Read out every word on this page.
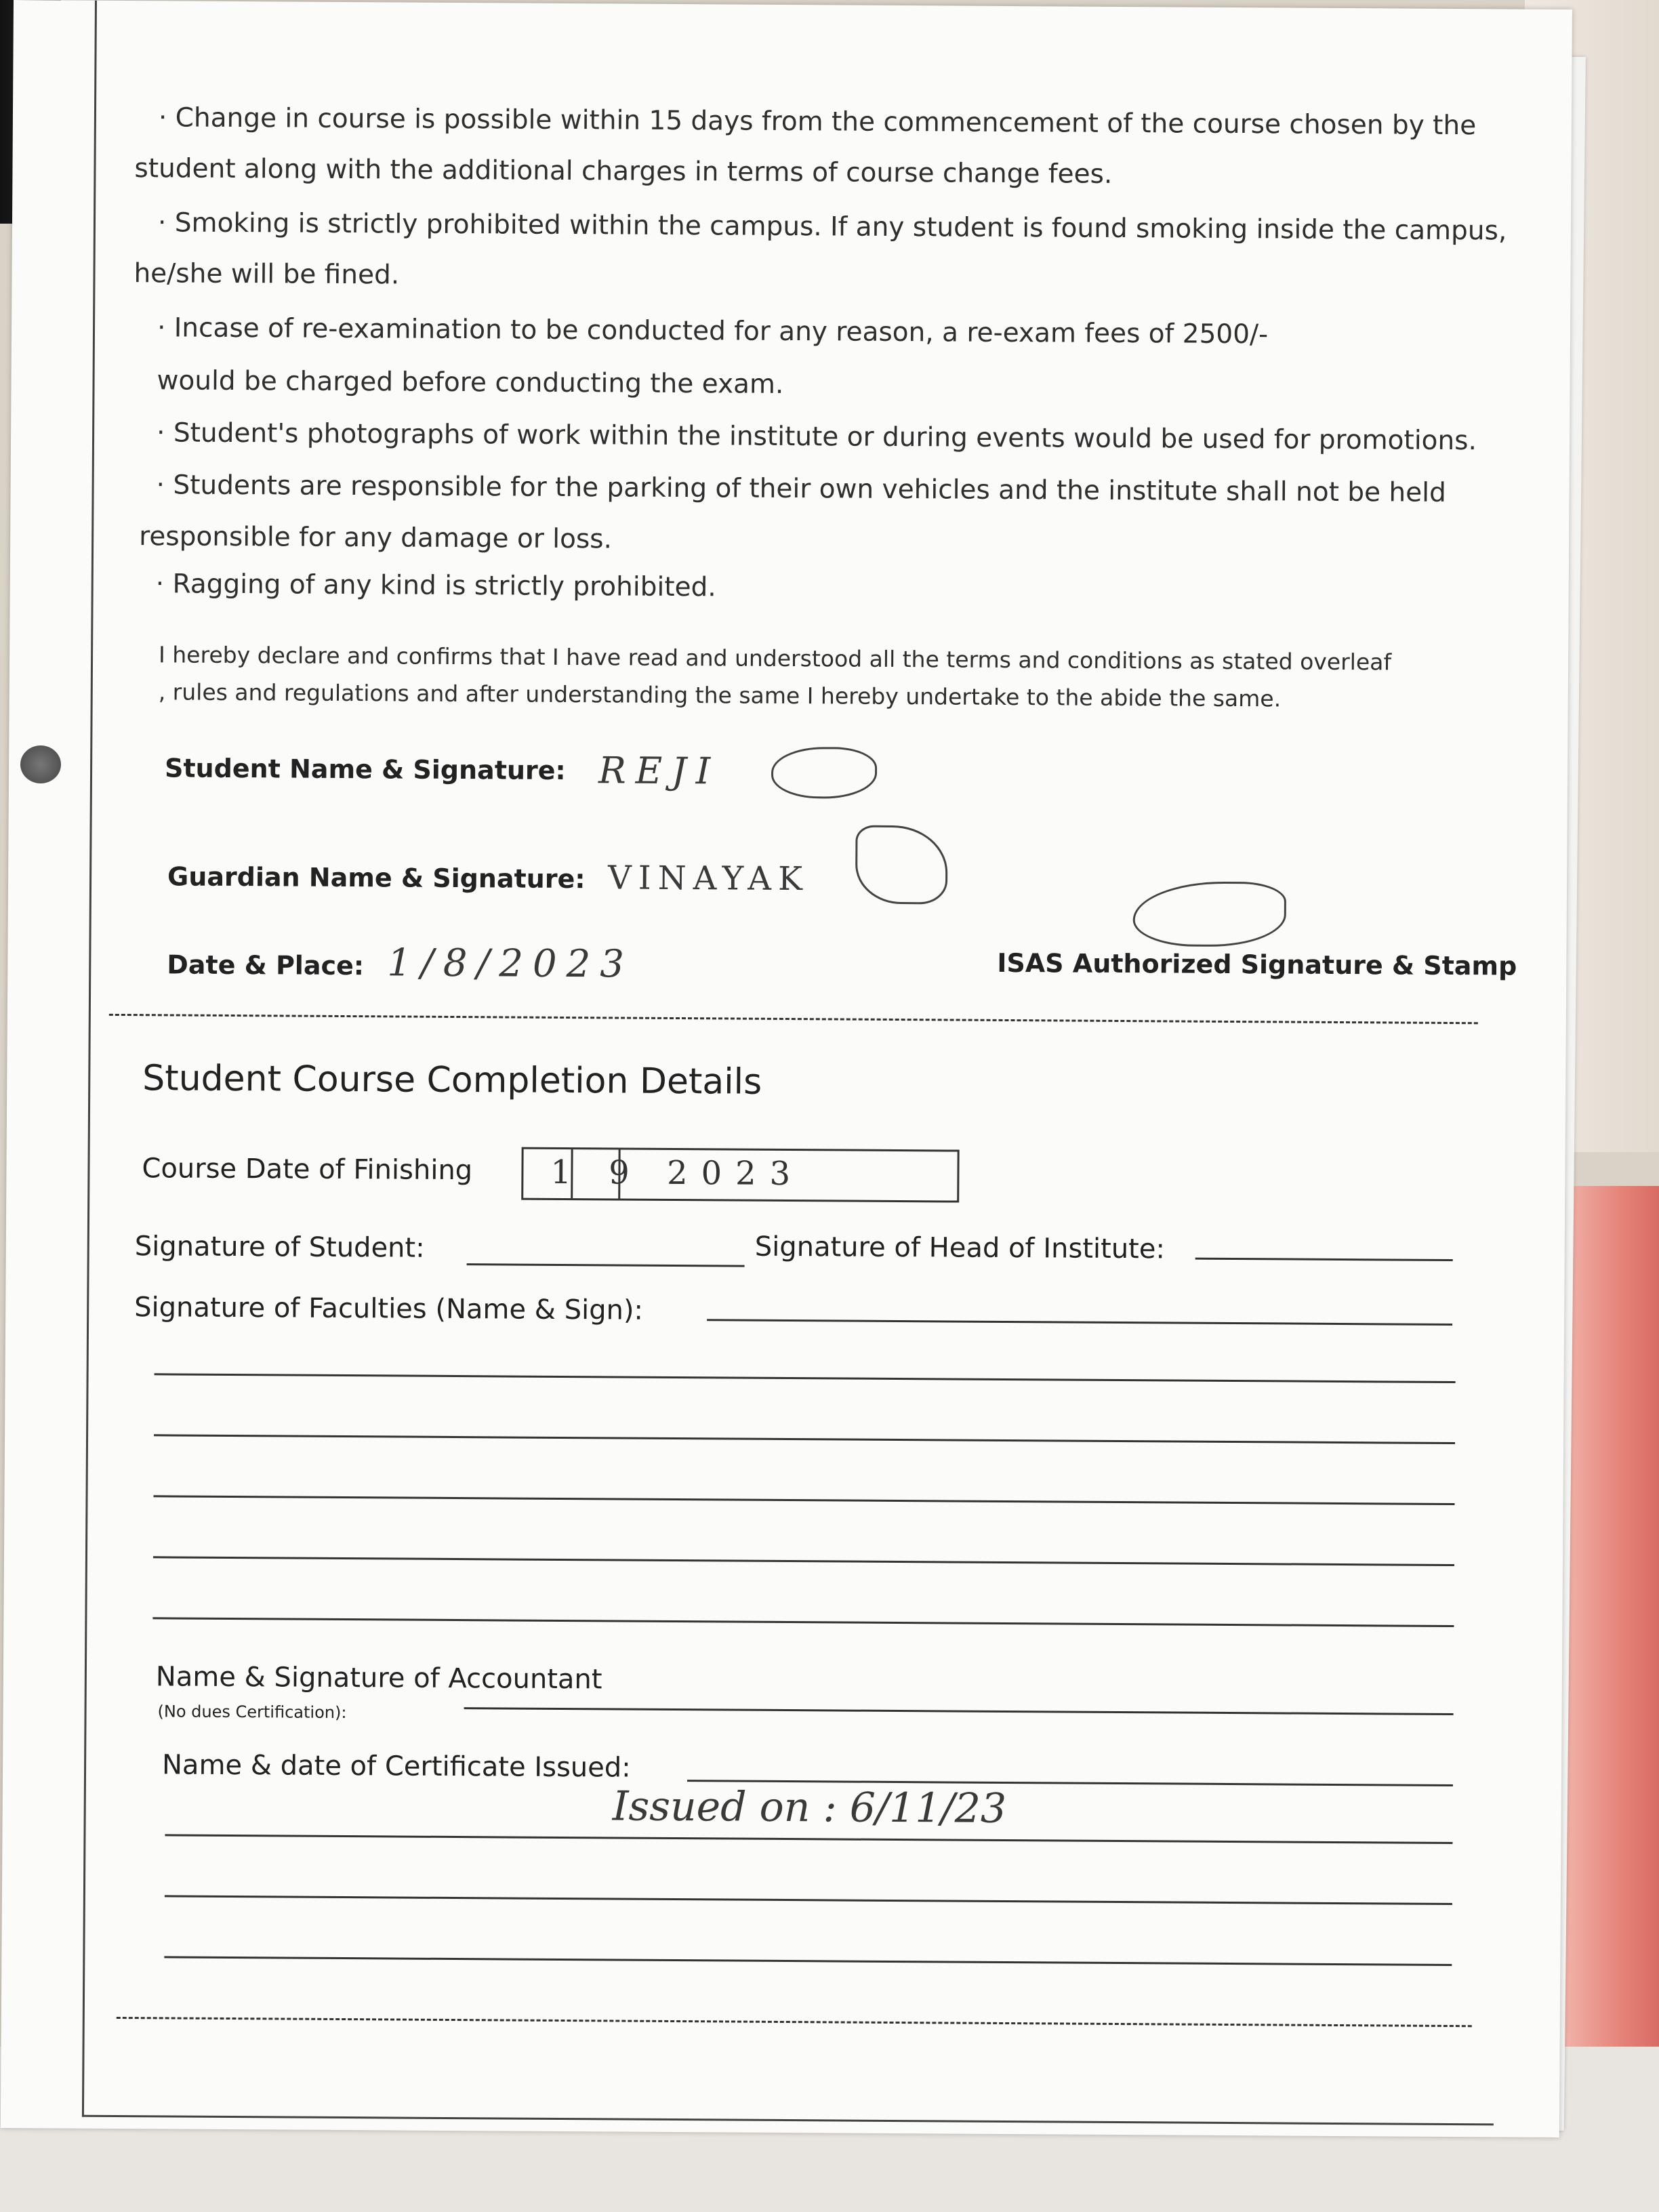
· Change in course is possible within 15 days from the commencement of the course chosen by the
student along with the additional charges in terms of course change fees.
· Smoking is strictly prohibited within the campus. If any student is found smoking inside the campus,
he/she will be fined.
· Incase of re-examination to be conducted for any reason, a re-exam fees of 2500/-
would be charged before conducting the exam.
· Student's photographs of work within the institute or during events would be used for promotions.
· Students are responsible for the parking of their own vehicles and the institute shall not be held
responsible for any damage or loss.
· Ragging of any kind is strictly prohibited.
I hereby declare and confirms that I have read and understood all the terms and conditions as stated overleaf
, rules and regulations and after understanding the same I hereby undertake to the abide the same.
Student Name & Signature: REJI
Guardian Name & Signature: VINAYAK
Date & Place: 1/8/2023	ISAS Authorized Signature & Stamp
Student Course Completion Details
Course Date of Finishing 1 9 2023
Signature of Student:	Signature of Head of Institute:
Signature of Faculties (Name & Sign):
Name & Signature of Accountant
(No dues Certification):
Name & date of Certificate Issued:
Issued on : 6/11/23
